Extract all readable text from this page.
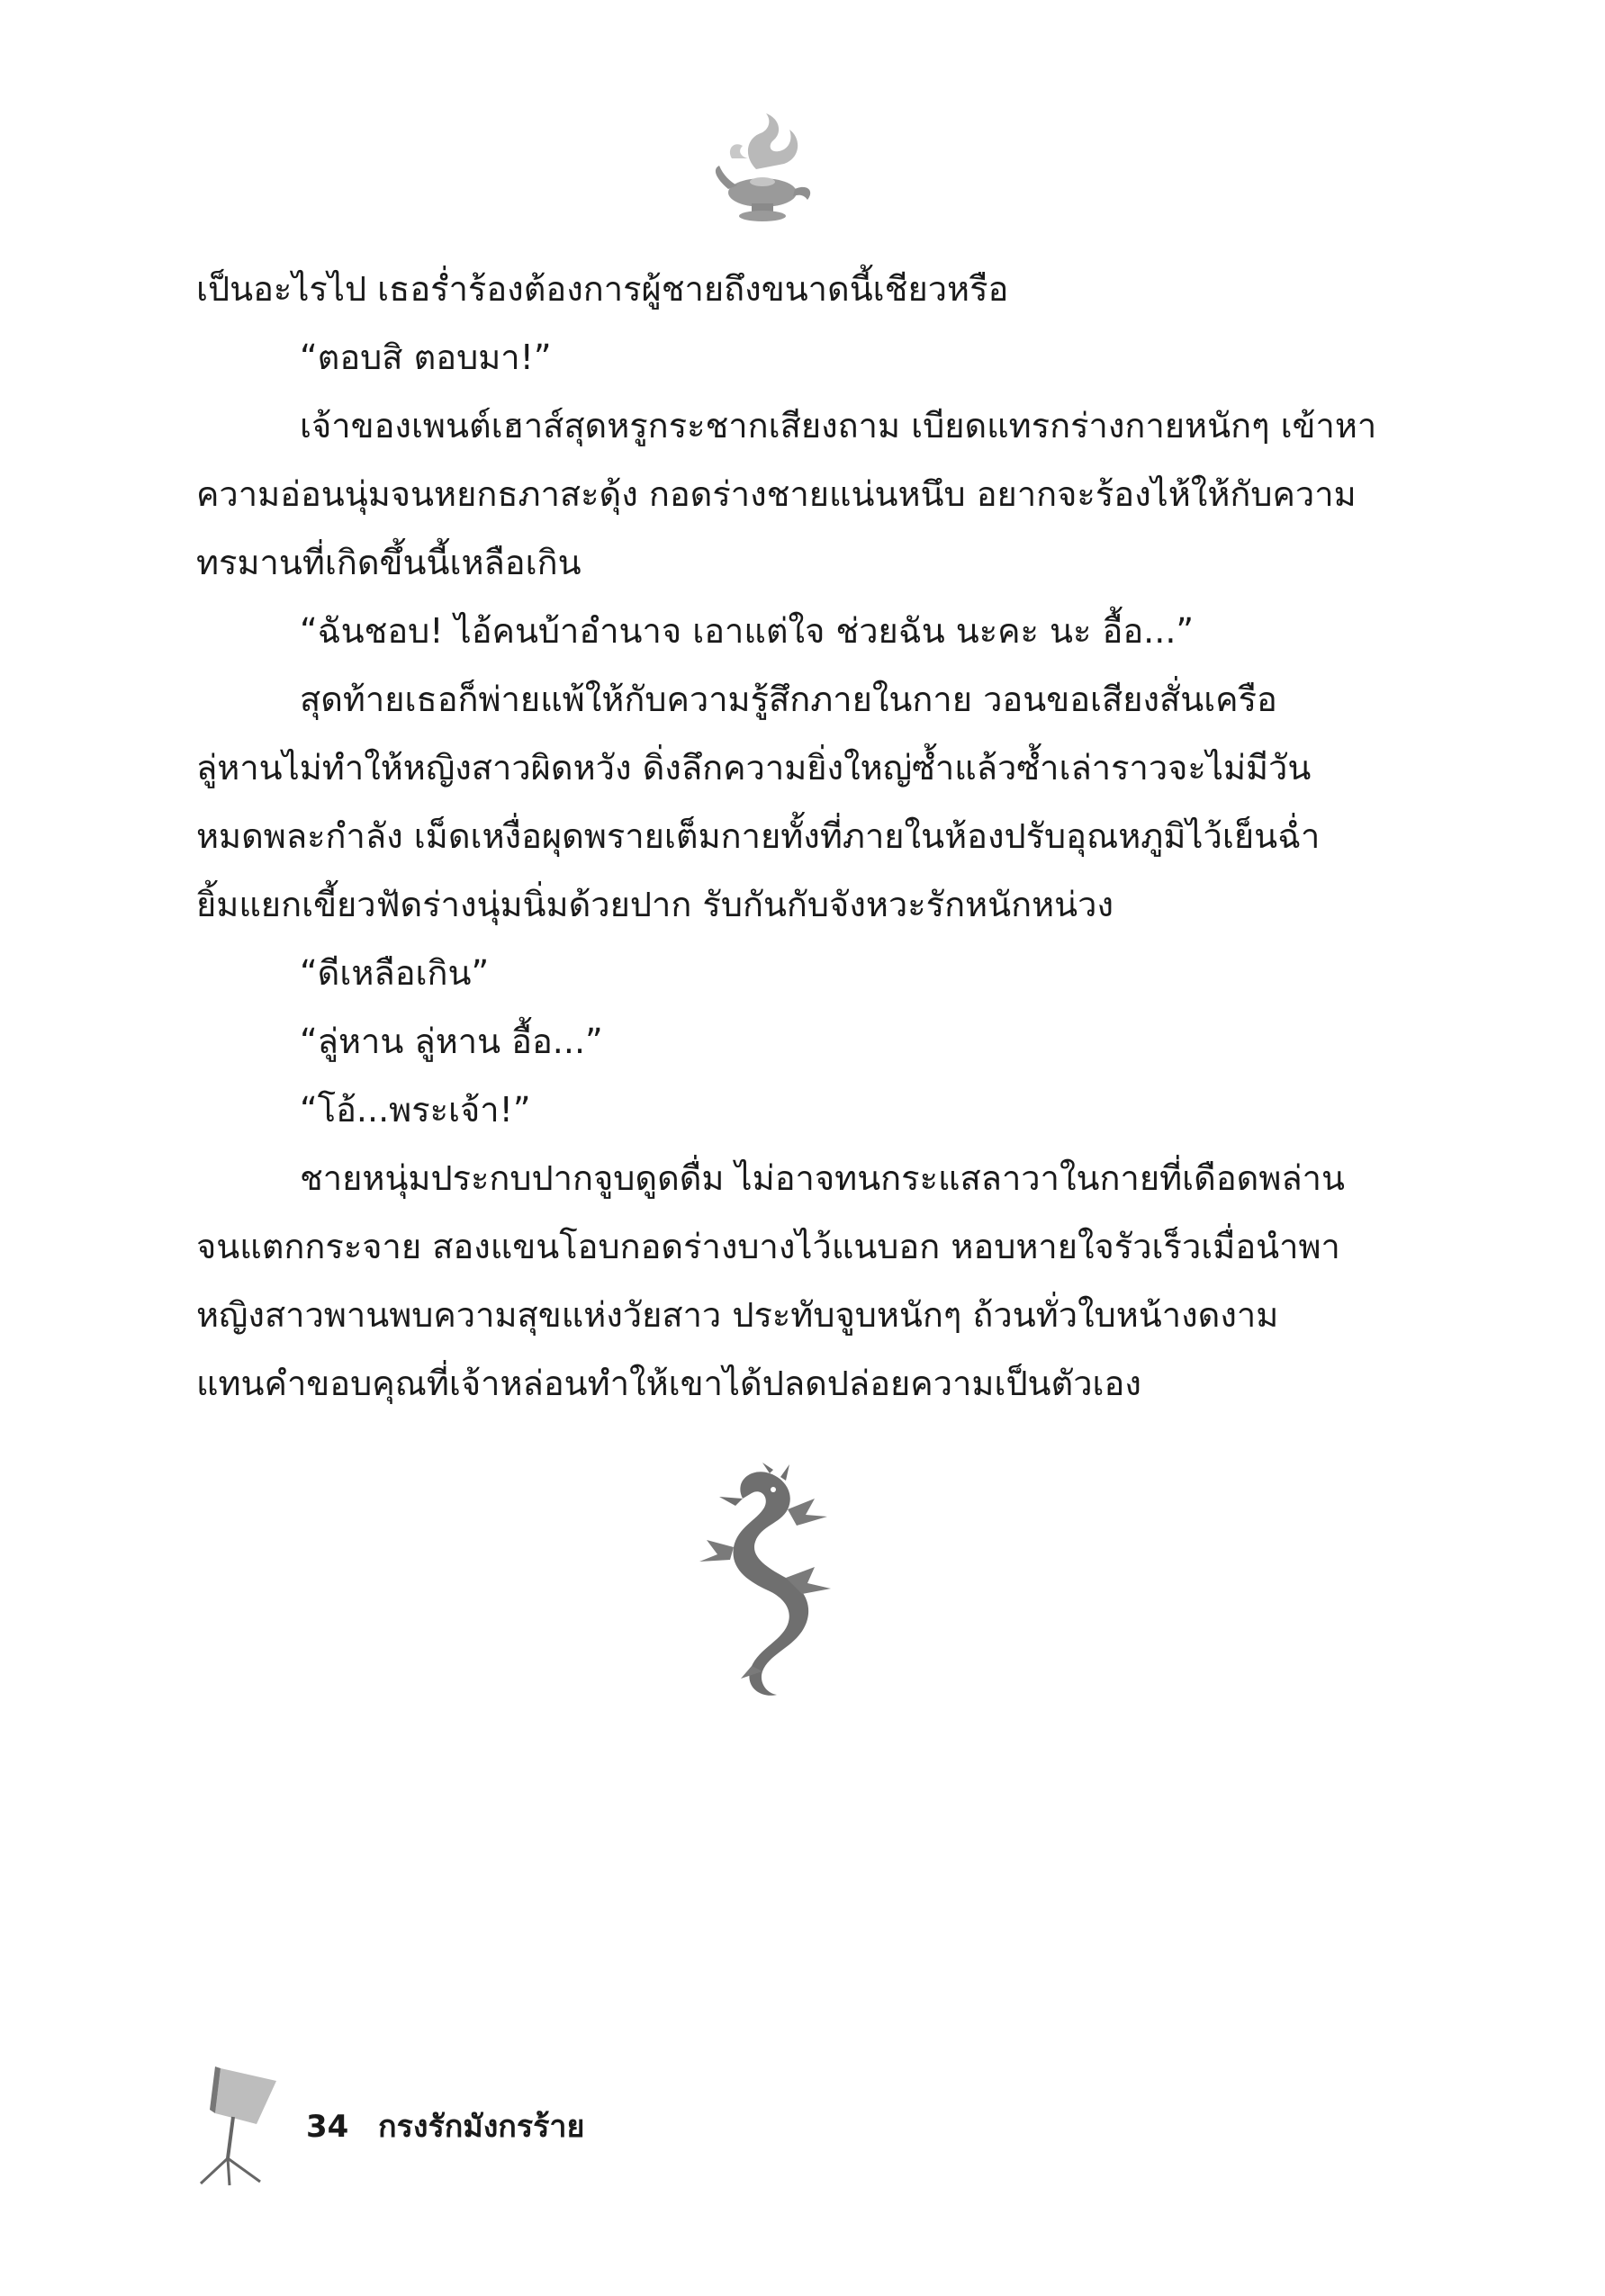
เป็นอะไรไป เธอร่ำร้องต้องการผู้ชายถึงขนาดนี้เชียวหรือ

“ตอบสิ ตอบมา!”

เจ้าของเพนต์เฮาส์สุดหรูกระชากเสียงถาม เบียดแทรกร่างกายหนักๆ เข้าหา

ความอ่อนนุ่มจนหยกธภาสะดุ้ง กอดร่างชายแน่นหนึบ อยากจะร้องไห้ให้กับความ

ทรมานที่เกิดขึ้นนี้เหลือเกิน

“ฉันชอบ! ไอ้คนบ้าอำนาจ เอาแต่ใจ ช่วยฉัน นะคะ นะ อื้อ...”

สุดท้ายเธอก็พ่ายแพ้ให้กับความรู้สึกภายในกาย วอนขอเสียงสั่นเครือ

ลู่หานไม่ทำให้หญิงสาวผิดหวัง ดิ่งลึกความยิ่งใหญ่ซ้ำแล้วซ้ำเล่าราวจะไม่มีวัน

หมดพละกำลัง เม็ดเหงื่อผุดพรายเต็มกายทั้งที่ภายในห้องปรับอุณหภูมิไว้เย็นฉ่ำ

ยิ้มแยกเขี้ยวฟัดร่างนุ่มนิ่มด้วยปาก รับกันกับจังหวะรักหนักหน่วง

“ดีเหลือเกิน”

“ลู่หาน ลู่หาน อื้อ...”

“โอ้...พระเจ้า!”

ชายหนุ่มประกบปากจูบดูดดื่ม ไม่อาจทนกระแสลาวาในกายที่เดือดพล่าน

จนแตกกระจาย สองแขนโอบกอดร่างบางไว้แนบอก หอบหายใจรัวเร็วเมื่อนำพา

หญิงสาวพานพบความสุขแห่งวัยสาว ประทับจูบหนักๆ ถ้วนทั่วใบหน้างดงาม

แทนคำขอบคุณที่เจ้าหล่อนทำให้เขาได้ปลดปล่อยความเป็นตัวเอง

34 กรงรักมังกรร้าย
